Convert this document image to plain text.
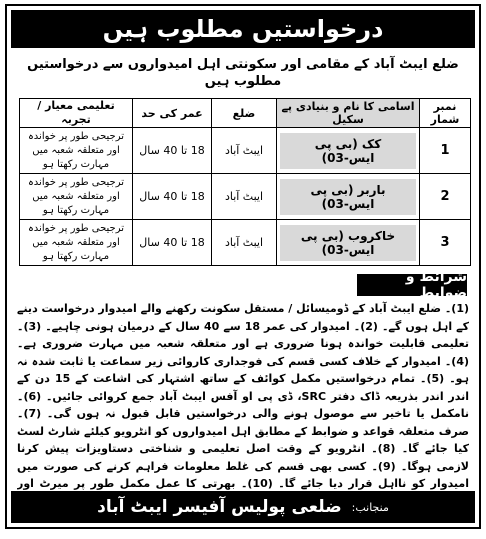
درخواستیں مطلوب ہیں
ضلع ایبٹ آباد کے مقامی اور سکونتی اہل امیدواروں سے درخواستیں مطلوب ہیں
نمبر شمار	اسامی کا نام و بنیادی پے سکیل	ضلع	عمر کی حد	تعلیمی معیار / تجربہ
1	کک (بی پی ایس-03)	ایبٹ آباد	18 تا 40 سال	ترجیحی طور پر خواندہ اور متعلقہ شعبہ میں مہارت رکھتا ہو
2	باربر (بی پی ایس-03)	ایبٹ آباد	18 تا 40 سال	ترجیحی طور پر خواندہ اور متعلقہ شعبہ میں مہارت رکھتا ہو
3	خاکروب (بی پی ایس-03)	ایبٹ آباد	18 تا 40 سال	ترجیحی طور پر خواندہ اور متعلقہ شعبہ میں مہارت رکھتا ہو
شرائط و ضوابط
(1)۔ ضلع ایبٹ آباد کے ڈومیسائل / مستقل سکونت رکھنے والے امیدوار درخواست دینے کے اہل ہوں گے۔ (2)۔ امیدوار کی عمر 18 سے 40 سال کے درمیان ہونی چاہیے۔ (3)۔ تعلیمی قابلیت خواندہ ہونا ضروری ہے اور متعلقہ شعبہ میں مہارت ضروری ہے۔ (4)۔ امیدوار کے خلاف کسی قسم کی فوجداری کاروائی زیر سماعت یا ثابت شدہ نہ ہو۔ (5)۔ تمام درخواستیں مکمل کوائف کے ساتھ اشتہار کی اشاعت کے 15 دن کے اندر اندر بذریعہ ڈاک دفتر SRC، ڈی پی او آفس ایبٹ آباد جمع کروائی جائیں۔ (6)۔ نامکمل یا تاخیر سے موصول ہونے والی درخواستیں قابل قبول نہ ہوں گی۔ (7)۔ صرف متعلقہ قواعد و ضوابط کے مطابق اہل امیدواروں کو انٹرویو کیلئے شارٹ لسٹ کیا جائے گا۔ (8)۔ انٹرویو کے وقت اصل تعلیمی و شناختی دستاویزات پیش کرنا لازمی ہوگا۔ (9)۔ کسی بھی قسم کی غلط معلومات فراہم کرنے کی صورت میں امیدوار کو نااہل قرار دیا جائے گا۔ (10)۔ بھرتی کا عمل مکمل طور پر میرٹ اور
منجانب:
ضلعی پولیس آفیسر ایبٹ آباد
